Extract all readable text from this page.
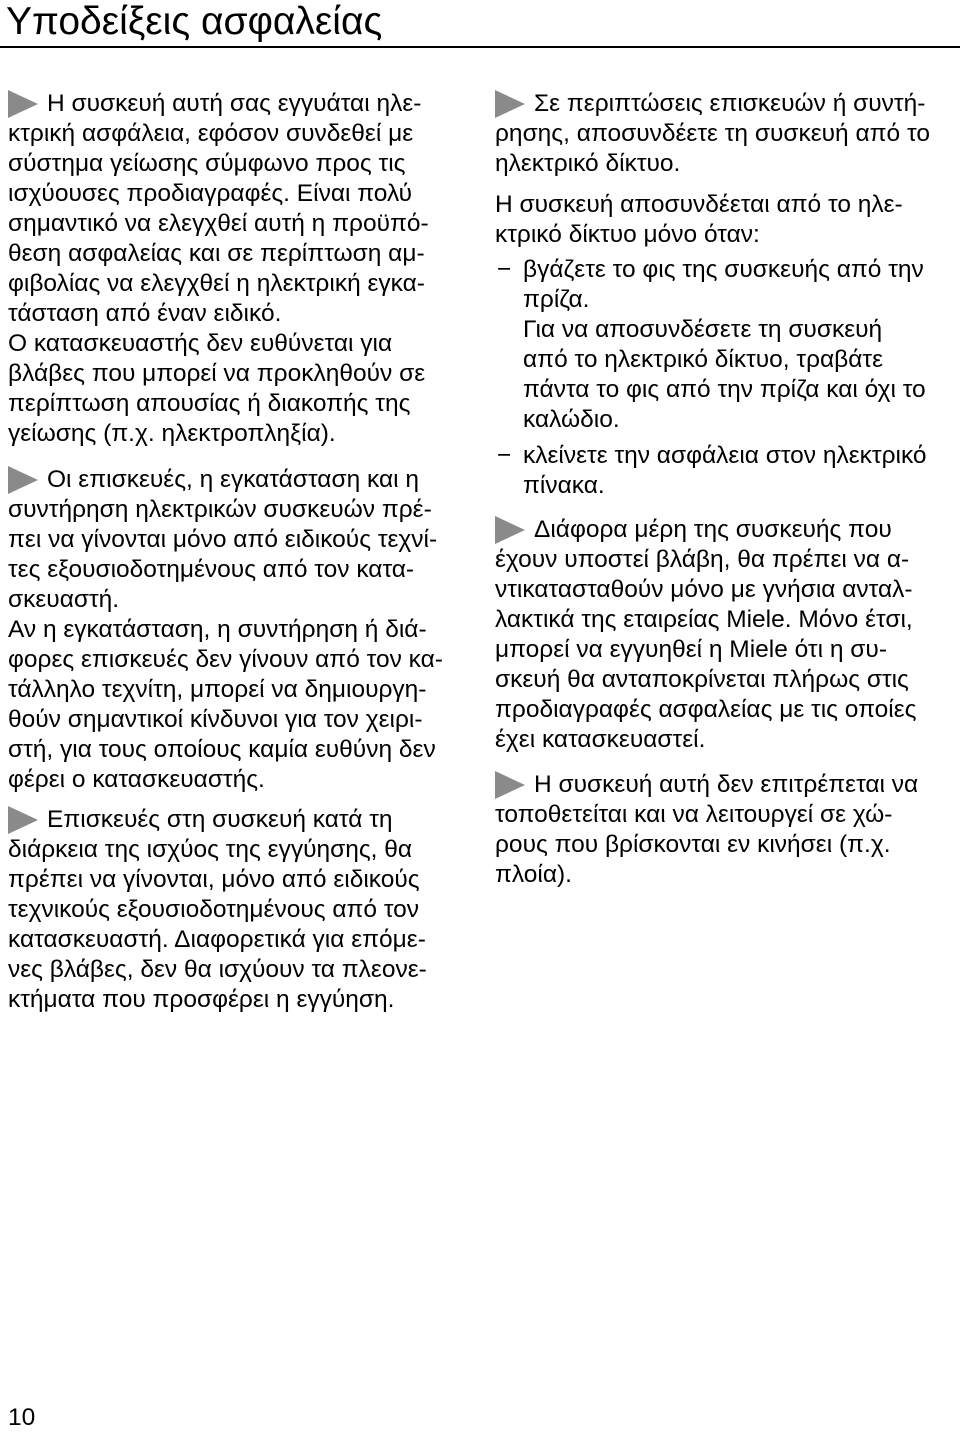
Υποδείξεις ασφαλείας

Η συσκευή αυτή σας εγγυάται ηλε-
κτρική ασφάλεια, εφόσον συνδεθεί με
σύστημα γείωσης σύμφωνο προς τις
ισχύουσες προδιαγραφές. Είναι πολύ
σημαντικό να ελεγχθεί αυτή η προϋπό-
θεση ασφαλείας και σε περίπτωση αμ-
φιβολίας να ελεγχθεί η ηλεκτρική εγκα-
τάσταση από έναν ειδικό.

Ο κατασκευαστής δεν ευθύνεται για
βλάβες που μπορεί να προκληθούν σε
περίπτωση απουσίας ή διακοπής της
γείωσης (π.χ. ηλεκτροπληξία).

Οι επισκευές, η εγκατάσταση και η
συντήρηση ηλεκτρικών συσκευών πρέ-
πει να γίνονται μόνο από ειδικούς τεχνί-
τες εξουσιοδοτημένους από τον κατα-
σκευαστή.

Αν η εγκατάσταση, η συντήρηση ή διά-
φορες επισκευές δεν γίνουν από τον κα-
τάλληλο τεχνίτη, μπορεί να δημιουργη-
θούν σημαντικοί κίνδυνοι για τον χειρι-
στή, για τους οποίους καμία ευθύνη δεν
φέρει ο κατασκευαστής.

Επισκευές στη συσκευή κατά τη
διάρκεια της ισχύος της εγγύησης, θα
πρέπει να γίνονται, μόνο από ειδικούς
τεχνικούς εξουσιοδοτημένους από τον
κατασκευαστή. Διαφορετικά για επόμε-
νες βλάβες, δεν θα ισχύουν τα πλεονε-
κτήματα που προσφέρει η εγγύηση.

Σε περιπτώσεις επισκευών ή συντή-
ρησης, αποσυνδέετε τη συσκευή από το
ηλεκτρικό δίκτυο.

Η συσκευή αποσυνδέεται από το ηλε-
κτρικό δίκτυο μόνο όταν:

− βγάζετε το φις της συσκευής από την
πρίζα.

Για να αποσυνδέσετε τη συσκευή
από το ηλεκτρικό δίκτυο, τραβάτε
πάντα το φις από την πρίζα και όχι το
καλώδιο.

− κλείνετε την ασφάλεια στον ηλεκτρικό
πίνακα.

Διάφορα μέρη της συσκευής που
έχουν υποστεί βλάβη, θα πρέπει να α-
ντικατασταθούν μόνο με γνήσια ανταλ-
λακτικά της εταιρείας Miele. Μόνο έτσι,
μπορεί να εγγυηθεί η Miele ότι η συ-
σκευή θα ανταποκρίνεται πλήρως στις
προδιαγραφές ασφαλείας με τις οποίες
έχει κατασκευαστεί.

Η συσκευή αυτή δεν επιτρέπεται να
τοποθετείται και να λειτουργεί σε χώ-
ρους που βρίσκονται εν κινήσει (π.χ.
πλοία).

10
